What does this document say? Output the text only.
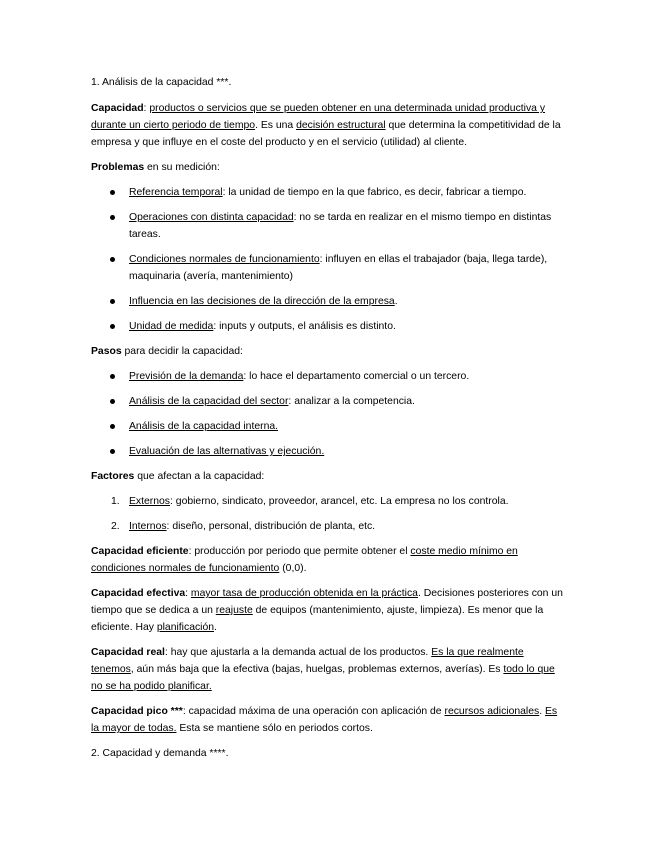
1. Análisis de la capacidad ***.

Capacidad: productos o servicios que se pueden obtener en una determinada unidad productiva y durante un cierto periodo de tiempo. Es una decisión estructural que determina la competitividad de la empresa y que influye en el coste del producto y en el servicio (utilidad) al cliente.

Problemas en su medición:

Referencia temporal: la unidad de tiempo en la que fabrico, es decir, fabricar a tiempo.
Operaciones con distinta capacidad: no se tarda en realizar en el mismo tiempo en distintas tareas.
Condiciones normales de funcionamiento: influyen en ellas el trabajador (baja, llega tarde), maquinaria (avería, mantenimiento)
Influencia en las decisiones de la dirección de la empresa.
Unidad de medida: inputs y outputs, el análisis es distinto.

Pasos para decidir la capacidad:

Previsión de la demanda: lo hace el departamento comercial o un tercero.
Análisis de la capacidad del sector: analizar a la competencia.
Análisis de la capacidad interna.
Evaluación de las alternativas y ejecución.

Factores que afectan a la capacidad:

1. Externos: gobierno, sindicato, proveedor, arancel, etc. La empresa no los controla.
2. Internos: diseño, personal, distribución de planta, etc.

Capacidad eficiente: producción por periodo que permite obtener el coste medio mínimo en condiciones normales de funcionamiento (0,0).

Capacidad efectiva: mayor tasa de producción obtenida en la práctica. Decisiones posteriores con un tiempo que se dedica a un reajuste de equipos (mantenimiento, ajuste, limpieza). Es menor que la eficiente. Hay planificación.

Capacidad real: hay que ajustarla a la demanda actual de los productos. Es la que realmente tenemos, aún más baja que la efectiva (bajas, huelgas, problemas externos, averías). Es todo lo que no se ha podido planificar.

Capacidad pico ***: capacidad máxima de una operación con aplicación de recursos adicionales. Es la mayor de todas. Esta se mantiene sólo en periodos cortos.

2. Capacidad y demanda ****.
